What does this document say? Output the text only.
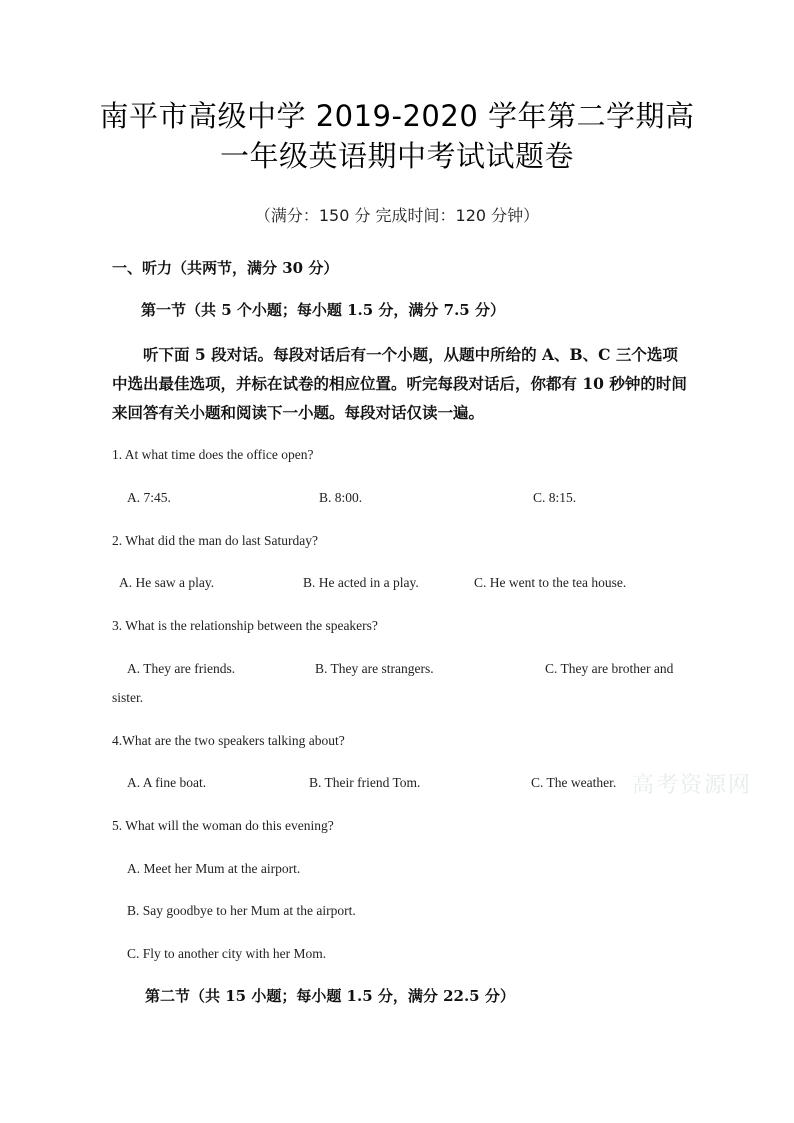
南平市高级中学 2019-2020 学年第二学期高
一年级英语期中考试试题卷
（满分：150 分 完成时间：120 分钟）
一、听力（共两节，满分 30 分）
第一节（共 5 个小题；每小题 1.5 分，满分 7.5 分）
听下面 5 段对话。每段对话后有一个小题，从题中所给的 A、B、C 三个选项中选出最佳选项，并标在试卷的相应位置。听完每段对话后，你都有 10 秒钟的时间来回答有关小题和阅读下一小题。每段对话仅读一遍。
1. At what time does the office open?
A. 7:45.	B. 8:00.	C. 8:15.
2. What did the man do last Saturday?
A. He saw a play.	B. He acted in a play.	C. He went to the tea house.
3. What is the relationship between the speakers?
A. They are friends.	B. They are strangers.	C. They are brother and
sister.
4.What are the two speakers talking about?
A. A fine boat.	B. Their friend Tom.	C. The weather. 高考资源网
5. What will the woman do this evening?
A. Meet her Mum at the airport.
B. Say goodbye to her Mum at the airport.
C. Fly to another city with her Mom.
第二节（共 15 小题；每小题 1.5 分，满分 22.5 分）
